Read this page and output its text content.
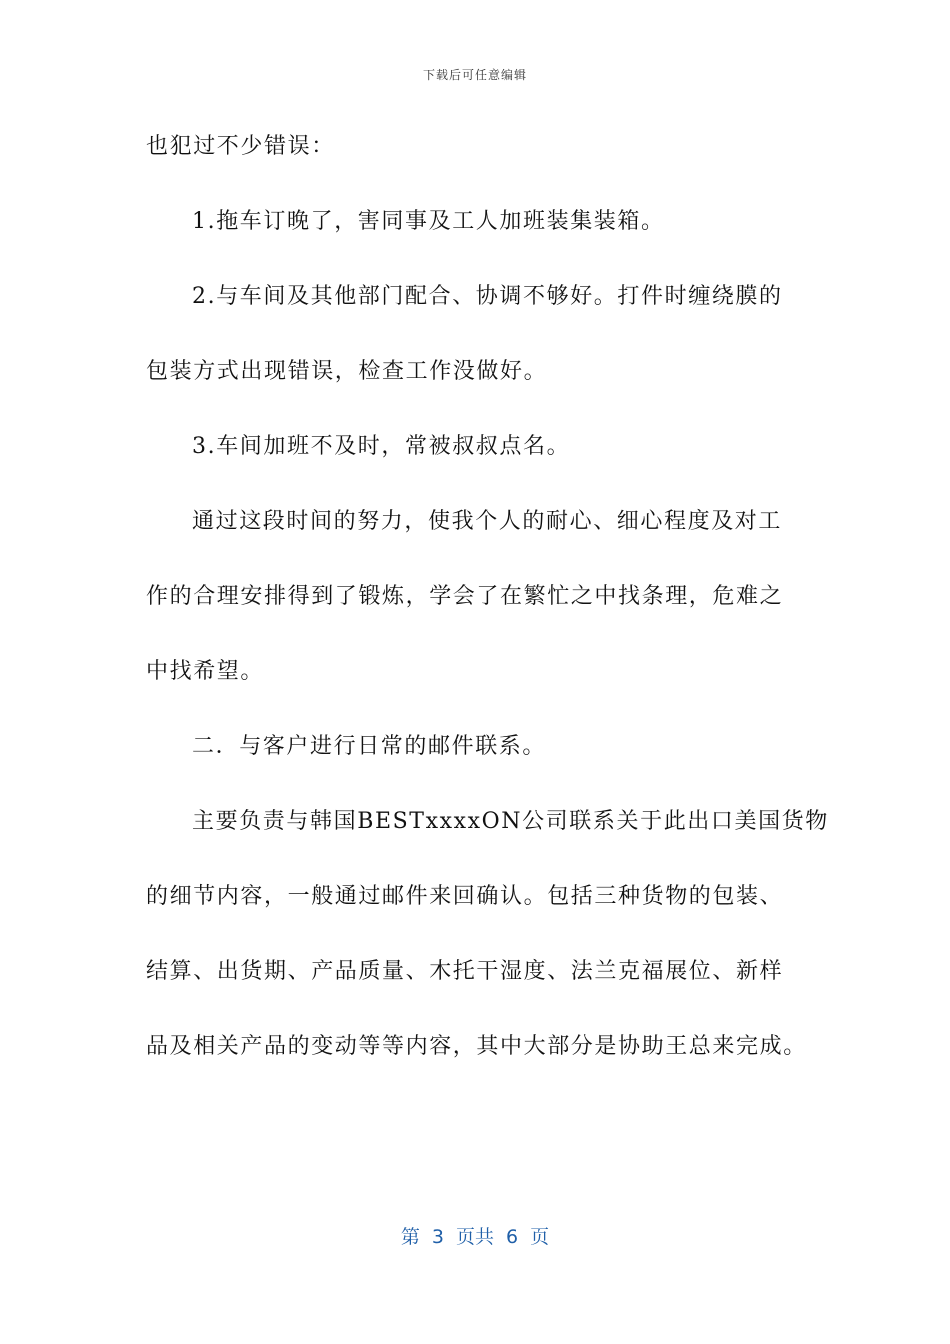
下载后可任意编辑
也犯过不少错误：
1.拖车订晚了，害同事及工人加班装集装箱。
2.与车间及其他部门配合、协调不够好。打件时缠绕膜的
包装方式出现错误，检查工作没做好。
3.车间加班不及时，常被叔叔点名。
通过这段时间的努力，使我个人的耐心、细心程度及对工
作的合理安排得到了锻炼，学会了在繁忙之中找条理，危难之
中找希望。
二．与客户进行日常的邮件联系。
主要负责与韩国BESTxxxxON公司联系关于此出口美国货物
的细节内容，一般通过邮件来回确认。包括三种货物的包装、
结算、出货期、产品质量、木托干湿度、法兰克福展位、新样
品及相关产品的变动等等内容，其中大部分是协助王总来完成。
第 3 页共 6 页
